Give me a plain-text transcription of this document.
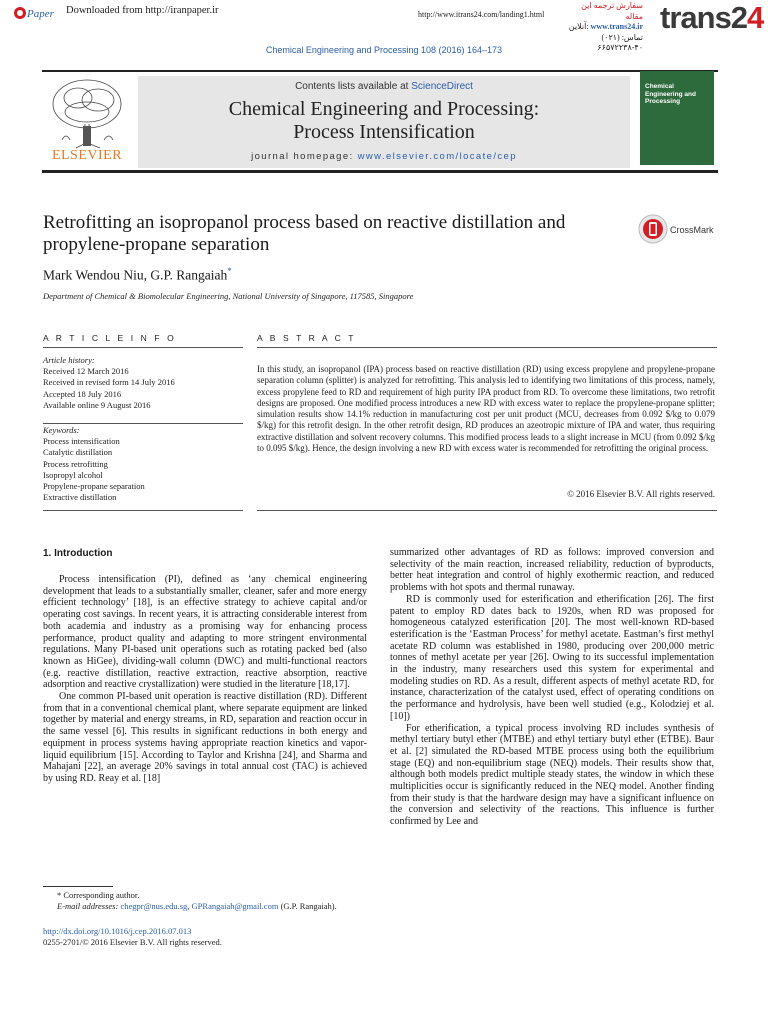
Paper Downloaded from http://iranpaper.ir	http://www.itrans24.com/landing1.html
سفارش ترجمه این مقاله
آنلاین: www.trans24.ir
تماس: (۰۲۱) ۴۰-۶۶۵۷۲۲۳۸
trans24
Chemical Engineering and Processing 108 (2016) 164–173
ELSEVIER
Contents lists available at ScienceDirect
Chemical Engineering and Processing:
Process Intensification
journal homepage: www.elsevier.com/locate/cep
Chemical Engineering and Processing
Retrofitting an isopropanol process based on reactive distillation and propylene-propane separation
CrossMark
Mark Wendou Niu, G.P. Rangaiah*
Department of Chemical & Biomolecular Engineering, National University of Singapore, 117585, Singapore
A R T I C L E I N F O	A B S T R A C T
Article history:
Received 12 March 2016
Received in revised form 14 July 2016
Accepted 18 July 2016
Available online 9 August 2016
Keywords:
Process intensification
Catalytic distillation
Process retrofitting
Isopropyl alcohol
Propylene-propane separation
Extractive distillation
In this study, an isopropanol (IPA) process based on reactive distillation (RD) using excess propylene and propylene-propane separation column (splitter) is analyzed for retrofitting. This analysis led to identifying two limitations of this process, namely, excess propylene feed to RD and requirement of high purity IPA product from RD. To overcome these limitations, two retrofit designs are proposed. One modified process introduces a new RD with excess water to replace the propylene-propane splitter; simulation results show 14.1% reduction in manufacturing cost per unit product (MCU, decreases from 0.092 $/kg to 0.079 $/kg) for this retrofit design. In the other retrofit design, RD produces an azeotropic mixture of IPA and water, thus requiring extractive distillation and solvent recovery columns. This modified process leads to a slight increase in MCU (from 0.092 $/kg to 0.095 $/kg). Hence, the design involving a new RD with excess water is recommended for retrofitting the original process.
© 2016 Elsevier B.V. All rights reserved.
1. Introduction

Process intensification (PI), defined as ‘any chemical engineering development that leads to a substantially smaller, cleaner, safer and more energy efficient technology’ [18], is an effective strategy to achieve capital and/or operating cost savings. In recent years, it is attracting considerable interest from both academia and industry as a promising way for enhancing process performance, product quality and adapting to more stringent environmental regulations. Many PI-based unit operations such as rotating packed bed (also known as HiGee), dividing-wall column (DWC) and multi-functional reactors (e.g. reactive distillation, reactive extraction, reactive absorption, reactive adsorption and reactive crystallization) were studied in the literature [18,17].

One common PI-based unit operation is reactive distillation (RD). Different from that in a conventional chemical plant, where separate equipment are linked together by material and energy streams, in RD, separation and reaction occur in the same vessel [6]. This results in significant reductions in both energy and equipment in process systems having appropriate reaction kinetics and vapor-liquid equilibrium [15]. According to Taylor and Krishna [24], and Sharma and Mahajani [22], an average 20% savings in total annual cost (TAC) is achieved by using RD. Reay et al. [18]

summarized other advantages of RD as follows: improved conversion and selectivity of the main reaction, increased reliability, reduction of byproducts, better heat integration and control of highly exothermic reaction, and reduced problems with hot spots and thermal runaway.

RD is commonly used for esterification and etherification [26]. The first patent to employ RD dates back to 1920s, when RD was proposed for homogeneous catalyzed esterification [20]. The most well-known RD-based esterification is the ‘Eastman Process’ for methyl acetate. Eastman’s first methyl acetate RD column was established in 1980, producing over 200,000 metric tonnes of methyl acetate per year [26]. Owing to its successful implementation in the industry, many researchers used this system for experimental and modeling studies on RD. As a result, different aspects of methyl acetate RD, for instance, characterization of the catalyst used, effect of operating conditions on the performance and hydrolysis, have been well studied (e.g., Kolodziej et al. [10])

For etherification, a typical process involving RD includes synthesis of methyl tertiary butyl ether (MTBE) and ethyl tertiary butyl ether (ETBE). Baur et al. [2] simulated the RD-based MTBE process using both the equilibrium stage (EQ) and non-equilibrium stage (NEQ) models. Their results show that, although both models predict multiple steady states, the window in which these multiplicities occur is significantly reduced in the NEQ model. Another finding from their study is that the hardware design may have a significant influence on the conversion and selectivity of the reactions. This influence is further confirmed by Lee and

* Corresponding author.
E-mail addresses: chegpr@nus.edu.sg, GPRangaiah@gmail.com (G.P. Rangaiah).
http://dx.doi.org/10.1016/j.cep.2016.07.013
0255-2701/© 2016 Elsevier B.V. All rights reserved.
